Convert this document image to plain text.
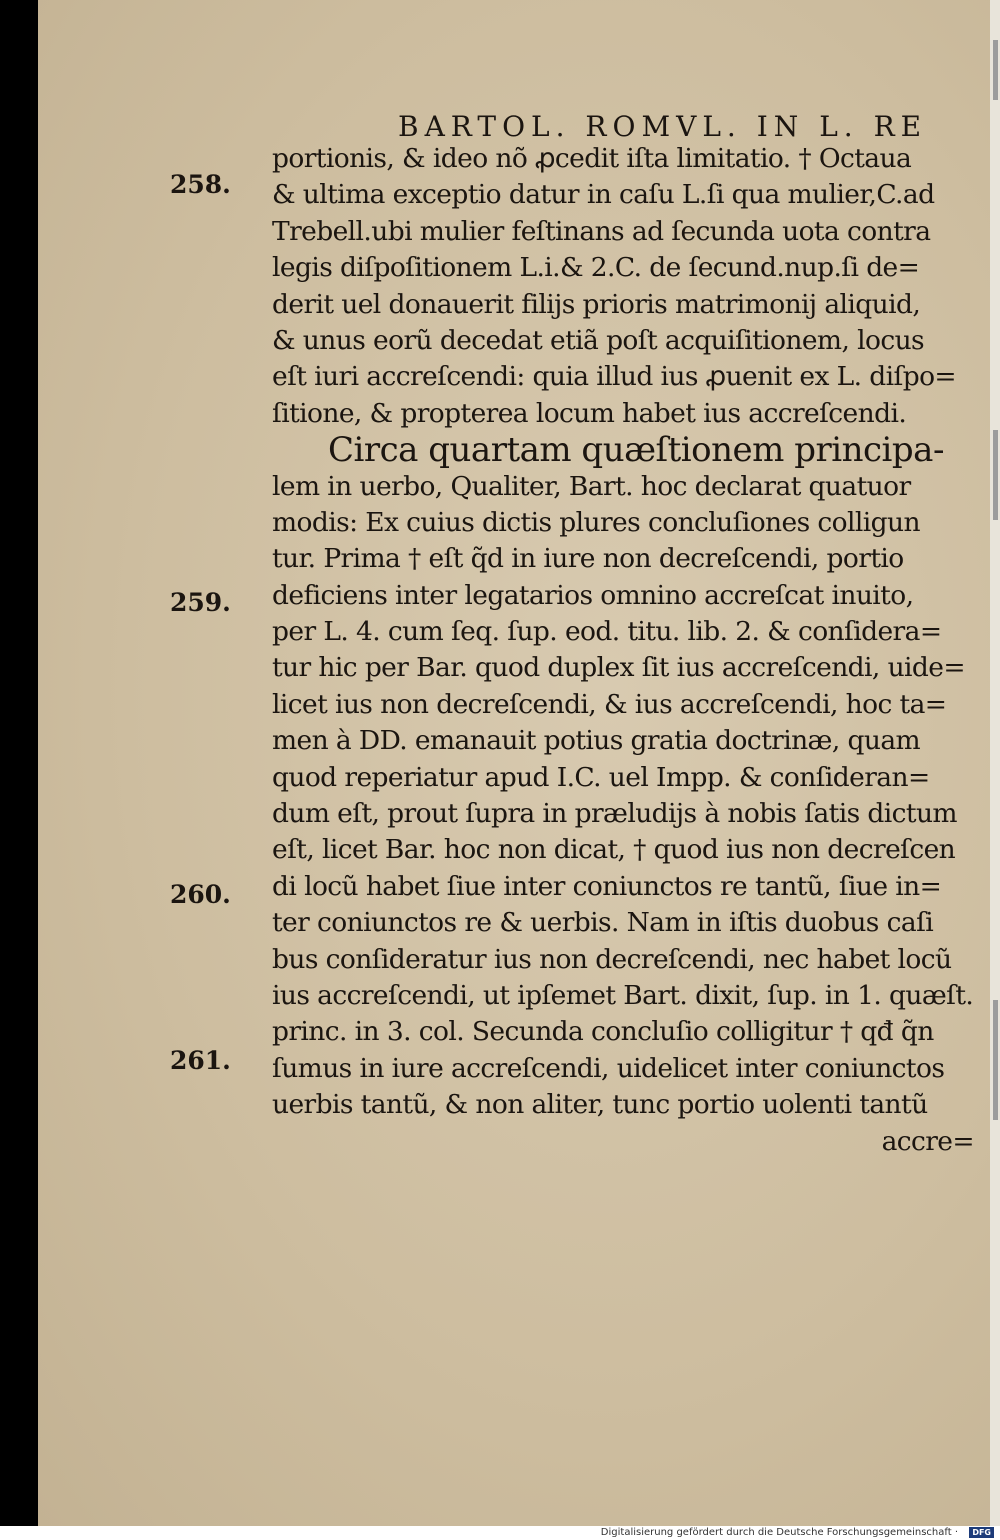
BARTOL. ROMVL. IN L. RE
258.
259.
260.
261.
portionis, & ideo nõ ꝓcedit iſta limitatio. † Octaua
& ultima exceptio datur in caſu L.ſi qua mulier,C.ad
Trebell.ubi mulier feſtinans ad ſecunda uota contra
legis diſpoſitionem L.i.& 2.C. de ſecund.nup.ſi de=
derit uel donauerit filijs prioris matrimonij aliquid,
& unus eorũ decedat etiã poſt acquiſitionem, locus
eſt iuri accreſcendi: quia illud ius ꝓuenit ex L. diſpo=
ſitione, & propterea locum habet ius accreſcendi.
Circa quartam quæſtionem principa-
lem in uerbo, Qualiter, Bart. hoc declarat quatuor
modis: Ex cuius dictis plures concluſiones colligun
tur. Prima † eſt q̃d in iure non decreſcendi, portio
deficiens inter legatarios omnino accreſcat inuito,
per L. 4. cum ſeq. ſup. eod. titu. lib. 2. & conſidera=
tur hic per Bar. quod duplex ſit ius accreſcendi, uide=
licet ius non decreſcendi, & ius accreſcendi, hoc ta=
men à DD. emanauit potius gratia doctrinæ, quam
quod reperiatur apud I.C. uel Impp. & conſideran=
dum eſt, prout ſupra in præludijs à nobis ſatis dictum
eſt, licet Bar. hoc non dicat, † quod ius non decreſcen
di locũ habet ſiue inter coniunctos re tantũ, ſiue in=
ter coniunctos re & uerbis. Nam in iſtis duobus caſi
bus conſideratur ius non decreſcendi, nec habet locũ
ius accreſcendi, ut ipſemet Bart. dixit, ſup. in 1. quæſt.
princ. in 3. col. Secunda concluſio colligitur † qđ q̃n
ſumus in iure accreſcendi, uidelicet inter coniunctos
uerbis tantũ, & non aliter, tunc portio uolenti tantũ
accre=
Digitalisierung gefördert durch die Deutsche Forschungsgemeinschaft ·	DFG
